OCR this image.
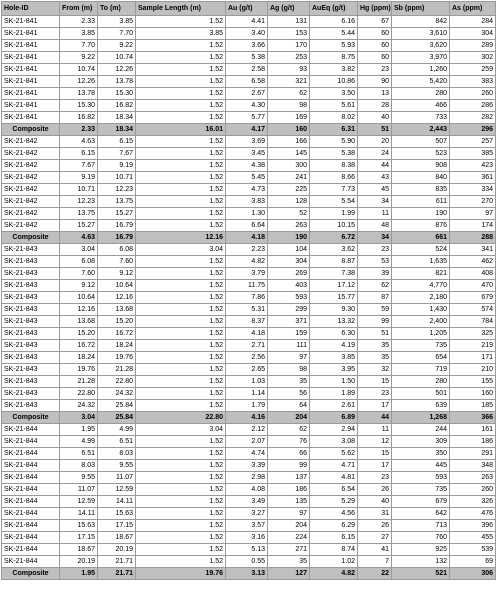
Hole-ID	From (m)	To (m)	Sample Length (m)	Au (g/t)	Ag (g/t)	AuEq (g/t)	Hg (ppm)	Sb (ppm)	As (ppm)
SK-21-841	2.33	3.85	1.52	4.41	131	6.16	67	842	284
SK-21-841	3.85	7.70	3.85	3.40	153	5.44	60	3,610	304
SK-21-841	7.70	9.22	1.52	3.66	170	5.93	60	3,620	289
SK-21-841	9.22	10.74	1.52	5.38	253	8.75	60	3,970	302
SK-21-841	10.74	12.26	1.52	2.58	93	3.82	23	1,260	259
SK-21-841	12.26	13.78	1.52	6.58	321	10.86	90	5,420	383
SK-21-841	13.78	15.30	1.52	2.67	62	3.50	13	280	260
SK-21-841	15.30	16.82	1.52	4.30	98	5.61	28	466	286
SK-21-841	16.82	18.34	1.52	5.77	169	8.02	40	733	282
Composite	2.33	18.34	16.01	4.17	160	6.31	51	2,443	296
SK-21-842	4.63	6.15	1.52	3.69	166	5.90	20	507	257
SK-21-842	6.15	7.67	1.52	3.45	145	5.38	24	523	385
SK-21-842	7.67	9.19	1.52	4.38	300	8.38	44	908	423
SK-21-842	9.19	10.71	1.52	5.45	241	8.66	43	840	361
SK-21-842	10.71	12.23	1.52	4.73	225	7.73	45	835	334
SK-21-842	12.23	13.75	1.52	3.83	128	5.54	34	611	270
SK-21-842	13.75	15.27	1.52	1.30	52	1.99	11	190	97
SK-21-842	15.27	16.79	1.52	6.64	263	10.15	48	876	174
Composite	4.63	16.79	12.16	4.18	190	6.72	34	661	288
SK-21-843	3.04	6.08	3.04	2.23	104	3.62	23	524	341
SK-21-843	6.08	7.60	1.52	4.82	304	8.87	53	1,635	462
SK-21-843	7.60	9.12	1.52	3.79	269	7.38	39	821	408
SK-21-843	9.12	10.64	1.52	11.75	403	17.12	62	4,770	470
SK-21-843	10.64	12.16	1.52	7.86	593	15.77	87	2,180	679
SK-21-843	12.16	13.68	1.52	5.31	299	9.30	59	1,430	574
SK-21-843	13.68	15.20	1.52	8.37	371	13.32	99	2,400	784
SK-21-843	15.20	16.72	1.52	4.18	159	6.30	51	1,205	325
SK-21-843	16.72	18.24	1.52	2.71	111	4.19	35	735	219
SK-21-843	18.24	19.76	1.52	2.56	97	3.85	35	654	171
SK-21-843	19.76	21.28	1.52	2.65	98	3.95	32	719	210
SK-21-843	21.28	22.80	1.52	1.03	35	1.50	15	280	155
SK-21-843	22.80	24.32	1.52	1.14	56	1.89	23	501	160
SK-21-843	24.32	25.84	1.52	1.79	64	2.61	17	639	185
Composite	3.04	25.84	22.80	4.16	204	6.89	44	1,268	366
SK-21-844	1.95	4.99	3.04	2.12	62	2.94	11	244	161
SK-21-844	4.99	6.51	1.52	2.07	76	3.08	12	309	186
SK-21-844	6.51	8.03	1.52	4.74	66	5.62	15	350	291
SK-21-844	8.03	9.55	1.52	3.39	99	4.71	17	445	348
SK-21-844	9.55	11.07	1.52	2.98	137	4.81	23	593	263
SK-21-844	11.07	12.59	1.52	4.08	186	6.54	26	735	260
SK-21-844	12.59	14.11	1.52	3.49	135	5.29	40	679	326
SK-21-844	14.11	15.63	1.52	3.27	97	4.56	31	642	476
SK-21-844	15.63	17.15	1.52	3.57	204	6.29	26	713	396
SK-21-844	17.15	18.67	1.52	3.16	224	6.15	27	760	455
SK-21-844	18.67	20.19	1.52	5.13	271	8.74	41	925	539
SK-21-844	20.19	21.71	1.52	0.55	35	1.02	7	132	69
Composite	1.95	21.71	19.76	3.13	127	4.82	22	521	306
